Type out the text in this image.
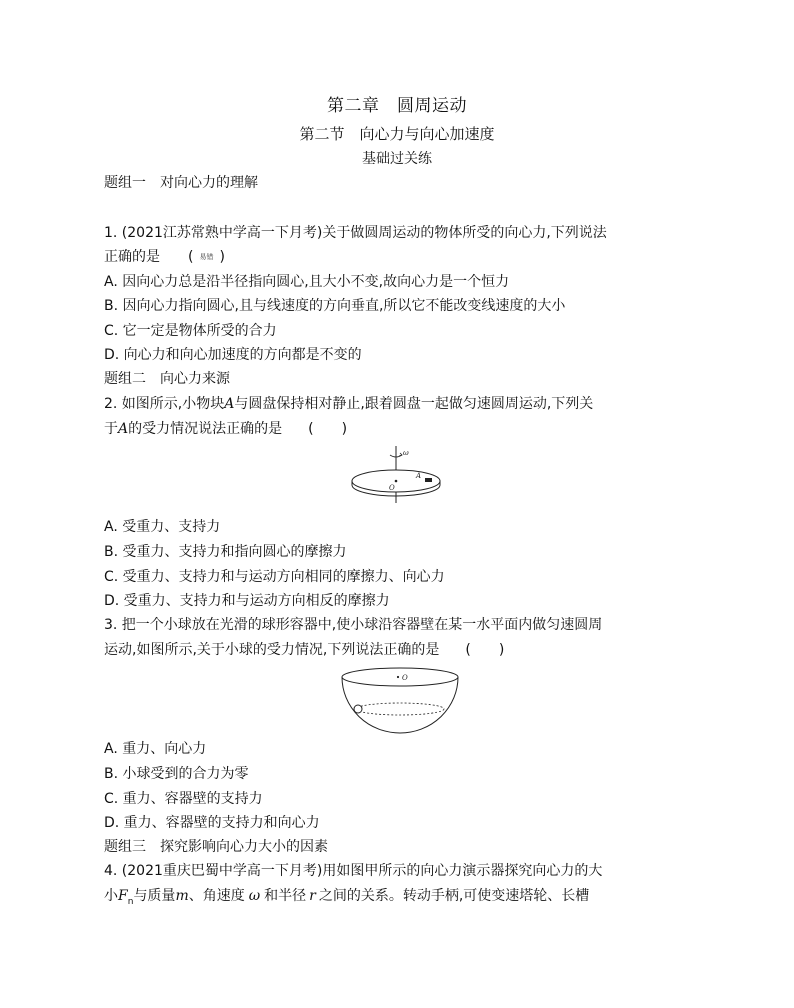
第二章　圆周运动
第二节　向心力与向心加速度
基础过关练
题组一　对向心力的理解
1. (2021江苏常熟中学高一下月考)关于做圆周运动的物体所受的向心力,下列说法
正确的是 ( 易错 )
A. 因向心力总是沿半径指向圆心,且大小不变,故向心力是一个恒力
B. 因向心力指向圆心,且与线速度的方向垂直,所以它不能改变线速度的大小
C. 它一定是物体所受的合力
D. 向心力和向心加速度的方向都是不变的
题组二　向心力来源
2. 如图所示,小物块A与圆盘保持相对静止,跟着圆盘一起做匀速圆周运动,下列关
于A的受力情况说法正确的是 (　　)
ω
O
A
A. 受重力、支持力
B. 受重力、支持力和指向圆心的摩擦力
C. 受重力、支持力和与运动方向相同的摩擦力、向心力
D. 受重力、支持力和与运动方向相反的摩擦力
3. 把一个小球放在光滑的球形容器中,使小球沿容器壁在某一水平面内做匀速圆周
运动,如图所示,关于小球的受力情况,下列说法正确的是 (　　)
O
A. 重力、向心力
B. 小球受到的合力为零
C. 重力、容器壁的支持力
D. 重力、容器壁的支持力和向心力
题组三　探究影响向心力大小的因素
4. (2021重庆巴蜀中学高一下月考)用如图甲所示的向心力演示器探究向心力的大
小$F_n$与质量m、角速度 ω 和半径 r 之间的关系。转动手柄,可使变速塔轮、长槽
